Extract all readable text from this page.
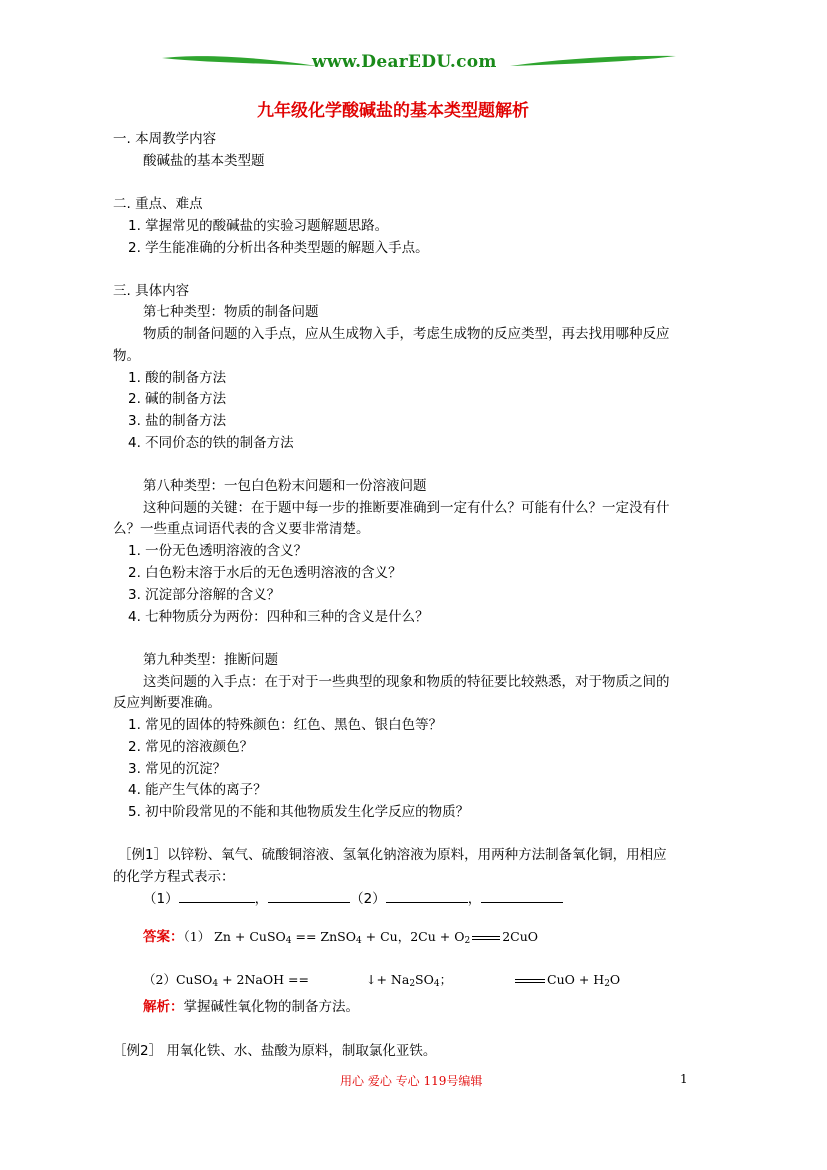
www.DearEDU.com
九年级化学酸碱盐的基本类型题解析
一. 本周教学内容
酸碱盐的基本类型题
二. 重点、难点
1. 掌握常见的酸碱盐的实验习题解题思路。
2. 学生能准确的分析出各种类型题的解题入手点。
三. 具体内容
第七种类型：物质的制备问题
物质的制备问题的入手点，应从生成物入手，考虑生成物的反应类型，再去找用哪种反应
物。
1. 酸的制备方法
2. 碱的制备方法
3. 盐的制备方法
4. 不同价态的铁的制备方法
第八种类型：一包白色粉末问题和一份溶液问题
这种问题的关键：在于题中每一步的推断要准确到一定有什么？可能有什么？一定没有什
么？一些重点词语代表的含义要非常清楚。
1. 一份无色透明溶液的含义？
2. 白色粉末溶于水后的无色透明溶液的含义？
3. 沉淀部分溶解的含义？
4. 七种物质分为两份：四种和三种的含义是什么？
第九种类型：推断问题
这类问题的入手点：在于对于一些典型的现象和物质的特征要比较熟悉，对于物质之间的
反应判断要准确。
1. 常见的固体的特殊颜色：红色、黑色、银白色等？
2. 常见的溶液颜色？
3. 常见的沉淀？
4. 能产生气体的离子？
5. 初中阶段常见的不能和其他物质发生化学反应的物质？
［例1］以锌粉、氧气、硫酸铜溶液、氢氧化钠溶液为原料，用两种方法制备氧化铜，用相应
的化学方程式表示：
（1）	，	（2）	，
答案：（1） Zn + CuSO$_4$ == ZnSO$_4$ + Cu，$2Cu + O_2$	2CuO
（2）CuSO$_4$ + 2NaOH ==	↓+ $Na_2SO_4$；	CuO + $H_2O$
解析：掌握碱性氧化物的制备方法。
［例2］ 用氧化铁、水、盐酸为原料，制取氯化亚铁。
用心 爱心 专心 119号编辑	1
